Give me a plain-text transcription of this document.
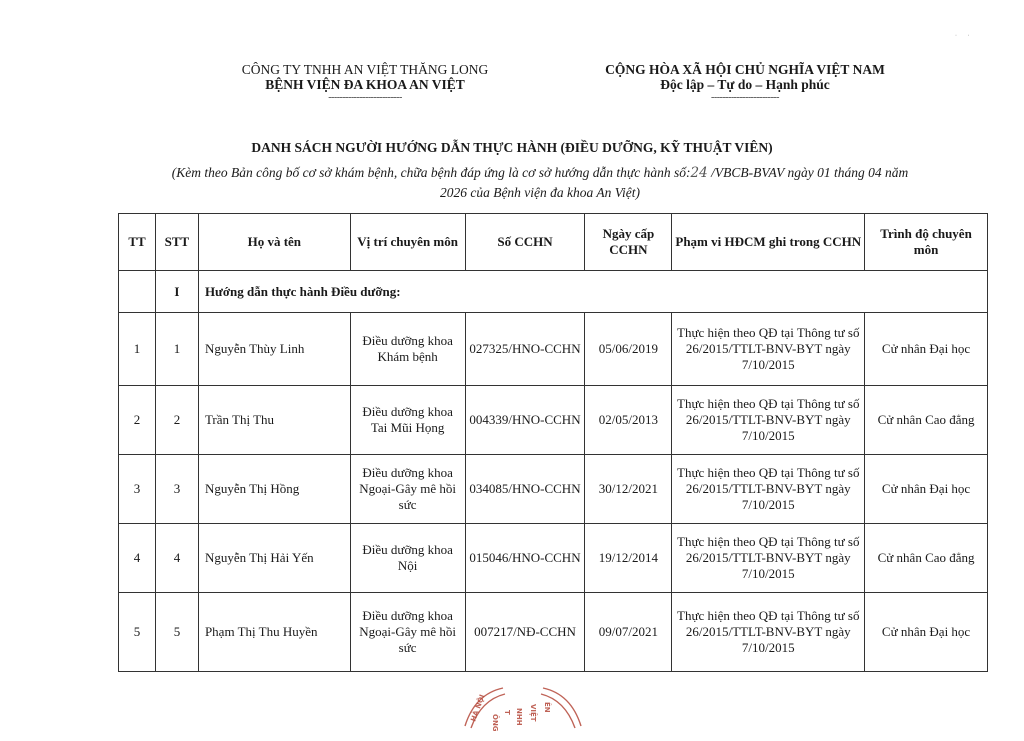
CÔNG TY TNHH AN VIỆT THĂNG LONG
BỆNH VIỆN ĐA KHOA AN VIỆT
--------------------------
CỘNG HÒA XÃ HỘI CHỦ NGHĨA VIỆT NAM
Độc lập – Tự do – Hạnh phúc
------------------------
DANH SÁCH NGƯỜI HƯỚNG DẪN THỰC HÀNH (ĐIỀU DƯỠNG, KỸ THUẬT VIÊN)
(Kèm theo Bản công bố cơ sở khám bệnh, chữa bệnh đáp ứng là cơ sở hướng dẫn thực hành số:24 /VBCB-BVAV ngày 01 tháng 04 năm
2026 của Bệnh viện đa khoa An Việt)
TT	STT	Họ và tên	Vị trí chuyên môn	Số CCHN	Ngày cấp CCHN	Phạm vi HĐCM ghi trong CCHN	Trình độ chuyên môn
	I	Hướng dẫn thực hành Điều dưỡng:					
1	1	Nguyễn Thùy Linh	Điều dưỡng khoa Khám bệnh	027325/HNO-CCHN	05/06/2019	Thực hiện theo QĐ tại Thông tư số 26/2015/TTLT-BNV-BYT ngày 7/10/2015	Cử nhân Đại học
2	2	Trần Thị Thu	Điều dưỡng khoa Tai Mũi Họng	004339/HNO-CCHN	02/05/2013	Thực hiện theo QĐ tại Thông tư số 26/2015/TTLT-BNV-BYT ngày 7/10/2015	Cử nhân Cao đẳng
3	3	Nguyễn Thị Hồng	Điều dưỡng khoa Ngoại-Gây mê hồi sức	034085/HNO-CCHN	30/12/2021	Thực hiện theo QĐ tại Thông tư số 26/2015/TTLT-BNV-BYT ngày 7/10/2015	Cử nhân Đại học
4	4	Nguyễn Thị Hải Yến	Điều dưỡng khoa Nội	015046/HNO-CCHN	19/12/2014	Thực hiện theo QĐ tại Thông tư số 26/2015/TTLT-BNV-BYT ngày 7/10/2015	Cử nhân Cao đẳng
5	5	Phạm Thị Thu Huyền	Điều dưỡng khoa Ngoại-Gây mê hồi sức	007217/NĐ-CCHN	09/07/2021	Thực hiện theo QĐ tại Thông tư số 26/2015/TTLT-BNV-BYT ngày 7/10/2015	Cử nhân Đại học
HÀ NỘI
ÔNG
T NHH VIỆT ÊN
·       ·
